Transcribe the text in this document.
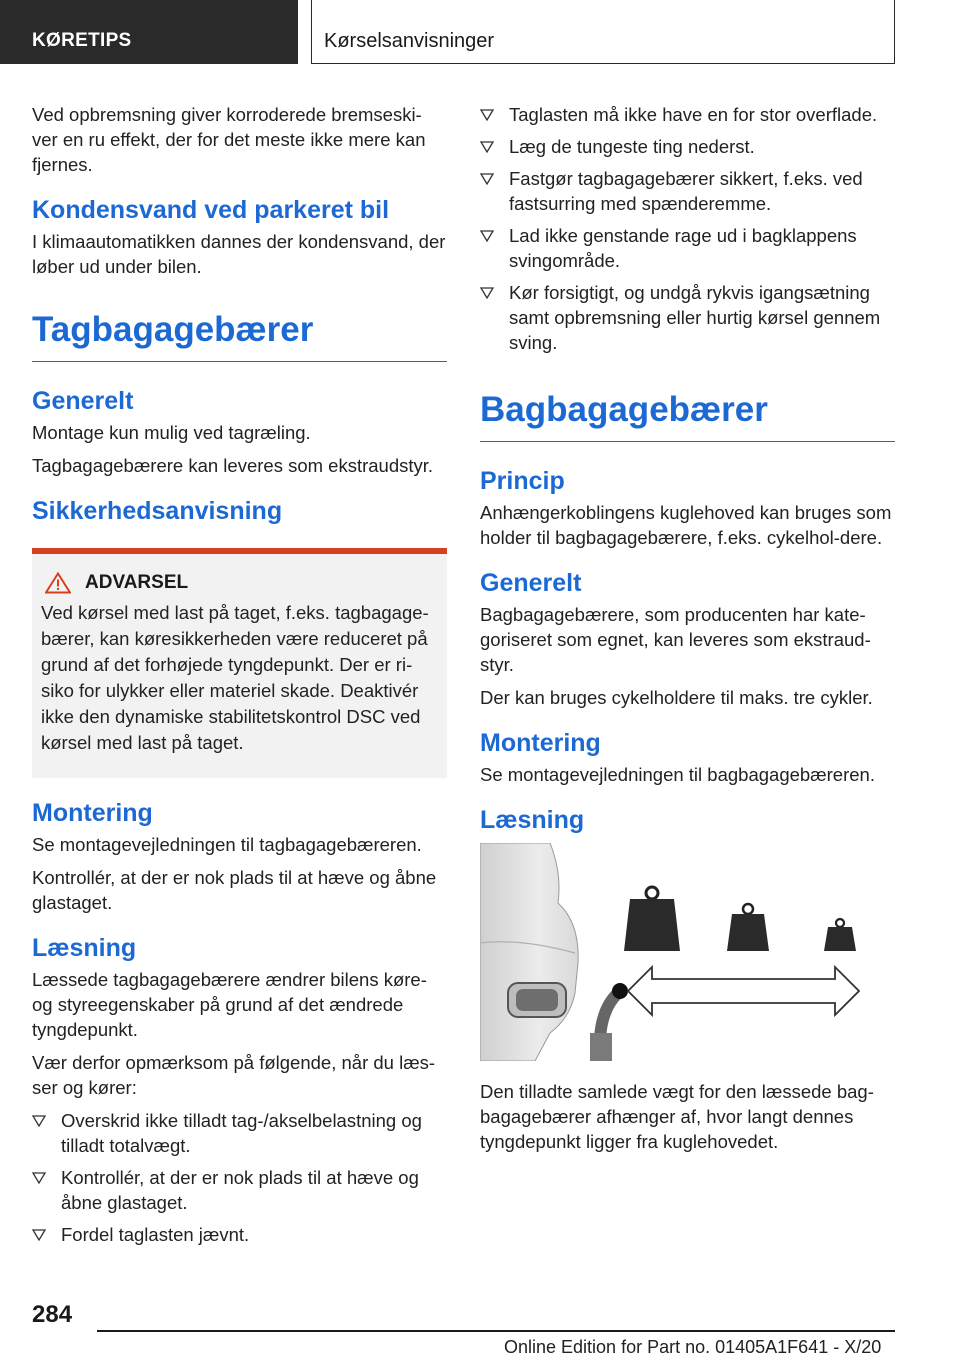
KØRETIPS	Kørselsanvisninger

Ved opbremsning giver korroderede bremseski-ver en ru effekt, der for det meste ikke mere kan fjernes.

Kondensvand ved parkeret bil

I klimaautomatikken dannes der kondensvand, der løber ud under bilen.

Tagbagagebærer
Generelt

Montage kun mulig ved tagræling.

Tagbagagebærere kan leveres som ekstraudstyr.

Sikkerhedsanvisning
ADVARSEL

Ved kørsel med last på taget, f.eks. tagbagage-bærer, kan køresikkerheden være reduceret på grund af det forhøjede tyngdepunkt. Der er ri-siko for ulykker eller materiel skade. Deaktivér ikke den dynamiske stabilitetskontrol DSC ved kørsel med last på taget.

Montering

Se montagevejledningen til tagbagagebæreren.

Kontrollér, at der er nok plads til at hæve og åbne glastaget.

Læsning

Læssede tagbagagebærere ændrer bilens køre- og styreegenskaber på grund af det ændrede tyngdepunkt.

Vær derfor opmærksom på følgende, når du læs-ser og kører:

Overskrid ikke tilladt tag-/akselbelastning og tilladt totalvægt.
Kontrollér, at der er nok plads til at hæve og åbne glastaget.
Fordel taglasten jævnt.
Taglasten må ikke have en for stor overflade.
Læg de tungeste ting nederst.
Fastgør tagbagagebærer sikkert, f.eks. ved fastsurring med spænderemme.
Lad ikke genstande rage ud i bagklappens svingområde.
Kør forsigtigt, og undgå rykvis igangsætning samt opbremsning eller hurtig kørsel gennem sving.
Bagbagagebærer
Princip

Anhængerkoblingens kuglehoved kan bruges som holder til bagbagagebærere, f.eks. cykelhol-dere.

Generelt

Bagbagagebærere, som producenten har kate-goriseret som egnet, kan leveres som ekstraud-styr.

Der kan bruges cykelholdere til maks. tre cykler.

Montering

Se montagevejledningen til bagbagagebæreren.

Læsning

Den tilladte samlede vægt for den læssede bag-bagagebærer afhænger af, hvor langt dennes tyngdepunkt ligger fra kuglehovedet.

284
Online Edition for Part no. 01405A1F641 - X/20
